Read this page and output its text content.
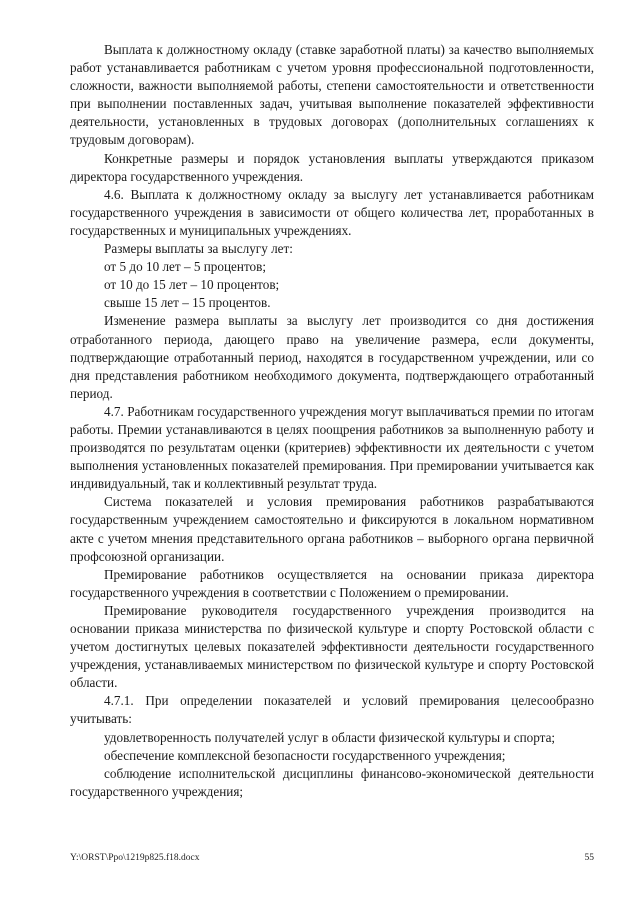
Выплата к должностному окладу (ставке заработной платы) за качество выполняемых работ устанавливается работникам с учетом уровня профессиональной подготовленности, сложности, важности выполняемой работы, степени самостоятельности и ответственности при выполнении поставленных задач, учитывая выполнение показателей эффективности деятельности, установленных в трудовых договорах (дополнительных соглашениях к трудовым договорам).

Конкретные размеры и порядок установления выплаты утверждаются приказом директора государственного учреждения.

4.6. Выплата к должностному окладу за выслугу лет устанавливается работникам государственного учреждения в зависимости от общего количества лет, проработанных в государственных и муниципальных учреждениях.

Размеры выплаты за выслугу лет:

от 5 до 10 лет – 5 процентов;

от 10 до 15 лет – 10 процентов;

свыше 15 лет – 15 процентов.

Изменение размера выплаты за выслугу лет производится со дня достижения отработанного периода, дающего право на увеличение размера, если документы, подтверждающие отработанный период, находятся в государственном учреждении, или со дня представления работником необходимого документа, подтверждающего отработанный период.

4.7. Работникам государственного учреждения могут выплачиваться премии по итогам работы. Премии устанавливаются в целях поощрения работников за выполненную работу и производятся по результатам оценки (критериев) эффективности их деятельности с учетом выполнения установленных показателей премирования. При премировании учитывается как индивидуальный, так и коллективный результат труда.

Система показателей и условия премирования работников разрабатываются государственным учреждением самостоятельно и фиксируются в локальном нормативном акте с учетом мнения представительного органа работников – выборного органа первичной профсоюзной организации.

Премирование работников осуществляется на основании приказа директора государственного учреждения в соответствии с Положением о премировании.

Премирование руководителя государственного учреждения производится на основании приказа министерства по физической культуре и спорту Ростовской области с учетом достигнутых целевых показателей эффективности деятельности государственного учреждения, устанавливаемых министерством по физической культуре и спорту Ростовской области.

4.7.1. При определении показателей и условий премирования целесообразно учитывать:

удовлетворенность получателей услуг в области физической культуры и спорта;

обеспечение комплексной безопасности государственного учреждения;

соблюдение исполнительской дисциплины финансово-экономической деятельности государственного учреждения;

Y:\ORST\Ppo\1219p825.f18.docx	55
